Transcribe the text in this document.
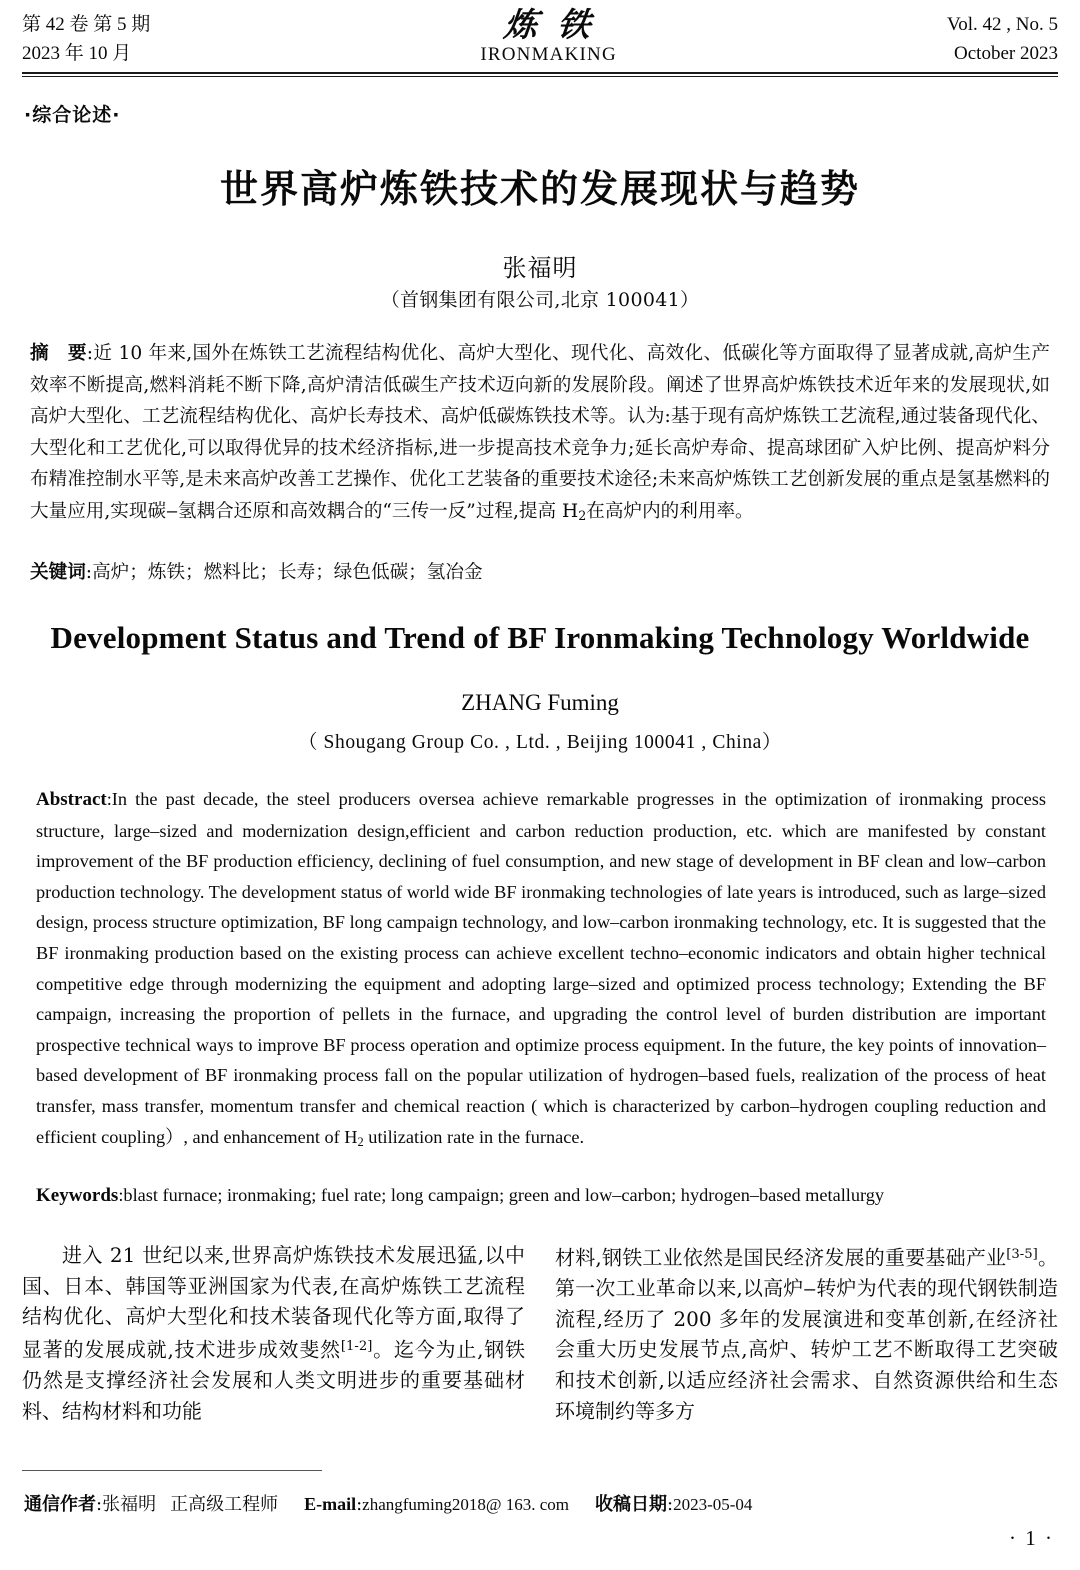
第 42 卷 第 5 期
2023 年 10 月
炼铁
IRONMAKING
Vol. 42 , No. 5
October 2023
·综合论述·
世界高炉炼铁技术的发展现状与趋势
张福明
（首钢集团有限公司,北京 100041）
摘　要:近 10 年来,国外在炼铁工艺流程结构优化、高炉大型化、现代化、高效化、低碳化等方面取得了显著成就,高炉生产效率不断提高,燃料消耗不断下降,高炉清洁低碳生产技术迈向新的发展阶段。阐述了世界高炉炼铁技术近年来的发展现状,如高炉大型化、工艺流程结构优化、高炉长寿技术、高炉低碳炼铁技术等。认为:基于现有高炉炼铁工艺流程,通过装备现代化、大型化和工艺优化,可以取得优异的技术经济指标,进一步提高技术竞争力;延长高炉寿命、提高球团矿入炉比例、提高炉料分布精准控制水平等,是未来高炉改善工艺操作、优化工艺装备的重要技术途径;未来高炉炼铁工艺创新发展的重点是氢基燃料的大量应用,实现碳‒氢耦合还原和高效耦合的“三传一反”过程,提高 $H_2$在高炉内的利用率。
关键词:高炉；炼铁；燃料比；长寿；绿色低碳；氢冶金
Development Status and Trend of BF Ironmaking Technology Worldwide
ZHANG Fuming
（ Shougang Group Co. , Ltd. , Beijing 100041 , China）
Abstract:In the past decade, the steel producers oversea achieve remarkable progresses in the optimization of ironmaking process structure, large‒sized and modernization design,efficient and carbon reduction production, etc. which are manifested by constant improvement of the BF production efficiency, declining of fuel consumption, and new stage of development in BF clean and low‒carbon production technology. The development status of world wide BF ironmaking technologies of late years is introduced, such as large‒sized design, process structure optimization, BF long campaign technology, and low‒carbon ironmaking technology, etc. It is suggested that the BF ironmaking production based on the existing process can achieve excellent techno‒economic indicators and obtain higher technical competitive edge through modernizing the equipment and adopting large‒sized and optimized process technology; Extending the BF campaign, increasing the proportion of pellets in the furnace, and upgrading the control level of burden distribution are important prospective technical ways to improve BF process operation and optimize process equipment. In the future, the key points of innovation‒based development of BF ironmaking process fall on the popular utilization of hydrogen‒based fuels, realization of the process of heat transfer, mass transfer, momentum transfer and chemical reaction ( which is characterized by carbon‒hydrogen coupling reduction and efficient coupling）, and enhancement of $H_2$ utilization rate in the furnace.
Keywords:blast furnace; ironmaking; fuel rate; long campaign; green and low‒carbon; hydrogen‒based metallurgy

进入 21 世纪以来,世界高炉炼铁技术发展迅猛,以中国、日本、韩国等亚洲国家为代表,在高炉炼铁工艺流程结构优化、高炉大型化和技术装备现代化等方面,取得了显著的发展成就,技术进步成效斐然[1-2]。迄今为止,钢铁仍然是支撑经济社会发展和人类文明进步的重要基础材料、结构材料和功能

材料,钢铁工业依然是国民经济发展的重要基础产业[3-5]。第一次工业革命以来,以高炉‒转炉为代表的现代钢铁制造流程,经历了 200 多年的发展演进和变革创新,在经济社会重大历史发展节点,高炉、转炉工艺不断取得工艺突破和技术创新,以适应经济社会需求、自然资源供给和生态环境制约等多方

通信作者:张福明 正高级工程师 E-mail:zhangfuming2018@ 163. com 收稿日期:2023-05-04
· 1 ·
